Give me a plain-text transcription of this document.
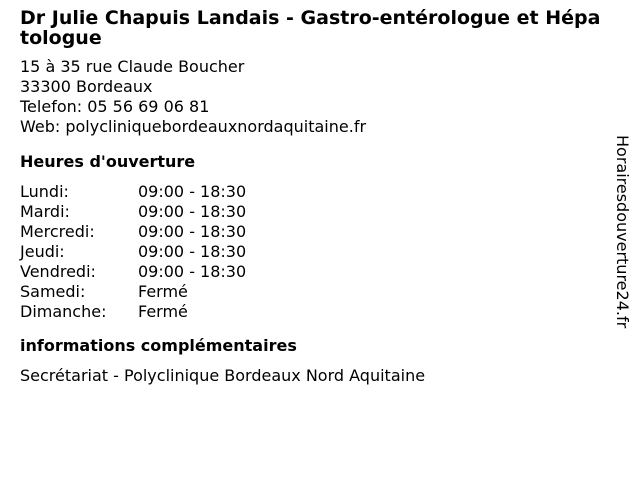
Dr Julie Chapuis Landais - Gastro-entérologue et Hépatologue
15 à 35 rue Claude Boucher
33300 Bordeaux
Telefon: 05 56 69 06 81
Web: polycliniquebordeauxnordaquitaine.fr
Heures d'ouverture
Lundi:	09:00 - 18:30
Mardi:	09:00 - 18:30
Mercredi:	09:00 - 18:30
Jeudi:	09:00 - 18:30
Vendredi:	09:00 - 18:30
Samedi:	Fermé
Dimanche:	Fermé
informations complémentaires
Secrétariat - Polyclinique Bordeaux Nord Aquitaine
Horairesdouverture24.fr
